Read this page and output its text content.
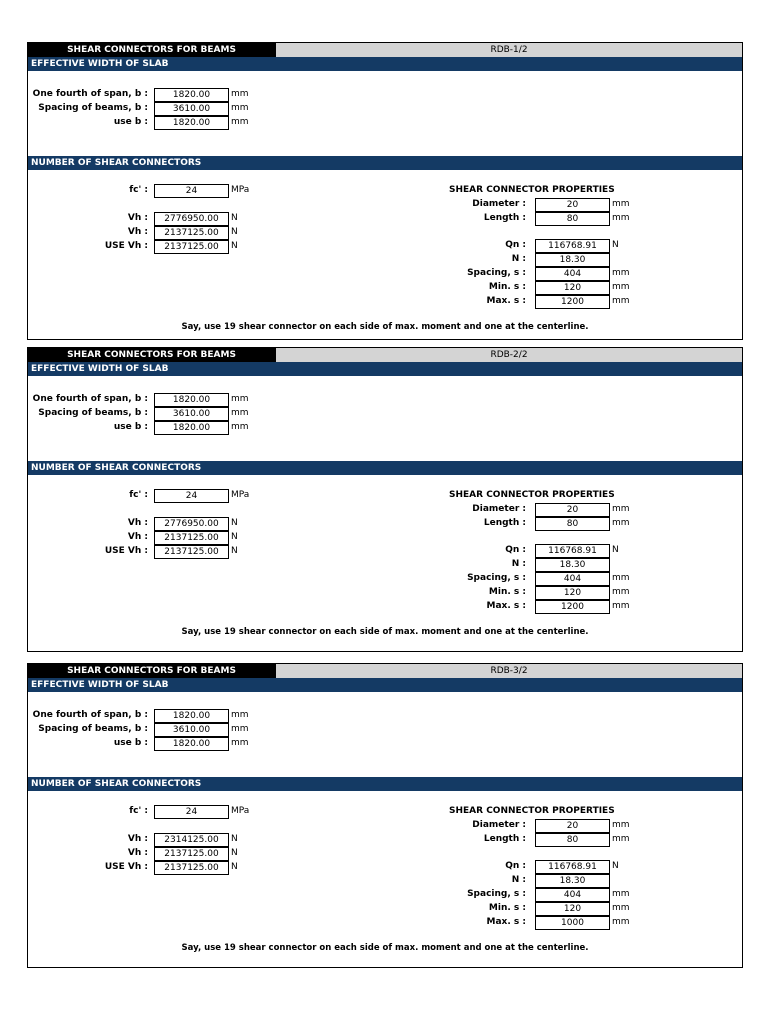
SHEAR CONNECTORS FOR BEAMS	RDB-1/2
EFFECTIVE WIDTH OF SLAB
One fourth of span, b :	1820.00	mm
Spacing of beams, b :	3610.00	mm
use b :	1820.00	mm
NUMBER OF SHEAR CONNECTORS
fc' :	24	MPa
Vh :	2776950.00	N
Vh :	2137125.00	N
USE Vh :	2137125.00	N
SHEAR CONNECTOR PROPERTIES
Diameter :	20	mm
Length :	80	mm
Qn :	116768.91	N
N :	18.30
Spacing, s :	404	mm
Min. s :	120	mm
Max. s :	1200	mm
Say, use 19 shear connector on each side of max. moment and one at the centerline.
SHEAR CONNECTORS FOR BEAMS	RDB-2/2
EFFECTIVE WIDTH OF SLAB
One fourth of span, b :	1820.00	mm
Spacing of beams, b :	3610.00	mm
use b :	1820.00	mm
NUMBER OF SHEAR CONNECTORS
fc' :	24	MPa
Vh :	2776950.00	N
Vh :	2137125.00	N
USE Vh :	2137125.00	N
SHEAR CONNECTOR PROPERTIES
Diameter :	20	mm
Length :	80	mm
Qn :	116768.91	N
N :	18.30
Spacing, s :	404	mm
Min. s :	120	mm
Max. s :	1200	mm
Say, use 19 shear connector on each side of max. moment and one at the centerline.
SHEAR CONNECTORS FOR BEAMS	RDB-3/2
EFFECTIVE WIDTH OF SLAB
One fourth of span, b :	1820.00	mm
Spacing of beams, b :	3610.00	mm
use b :	1820.00	mm
NUMBER OF SHEAR CONNECTORS
fc' :	24	MPa
Vh :	2314125.00	N
Vh :	2137125.00	N
USE Vh :	2137125.00	N
SHEAR CONNECTOR PROPERTIES
Diameter :	20	mm
Length :	80	mm
Qn :	116768.91	N
N :	18.30
Spacing, s :	404	mm
Min. s :	120	mm
Max. s :	1000	mm
Say, use 19 shear connector on each side of max. moment and one at the centerline.
